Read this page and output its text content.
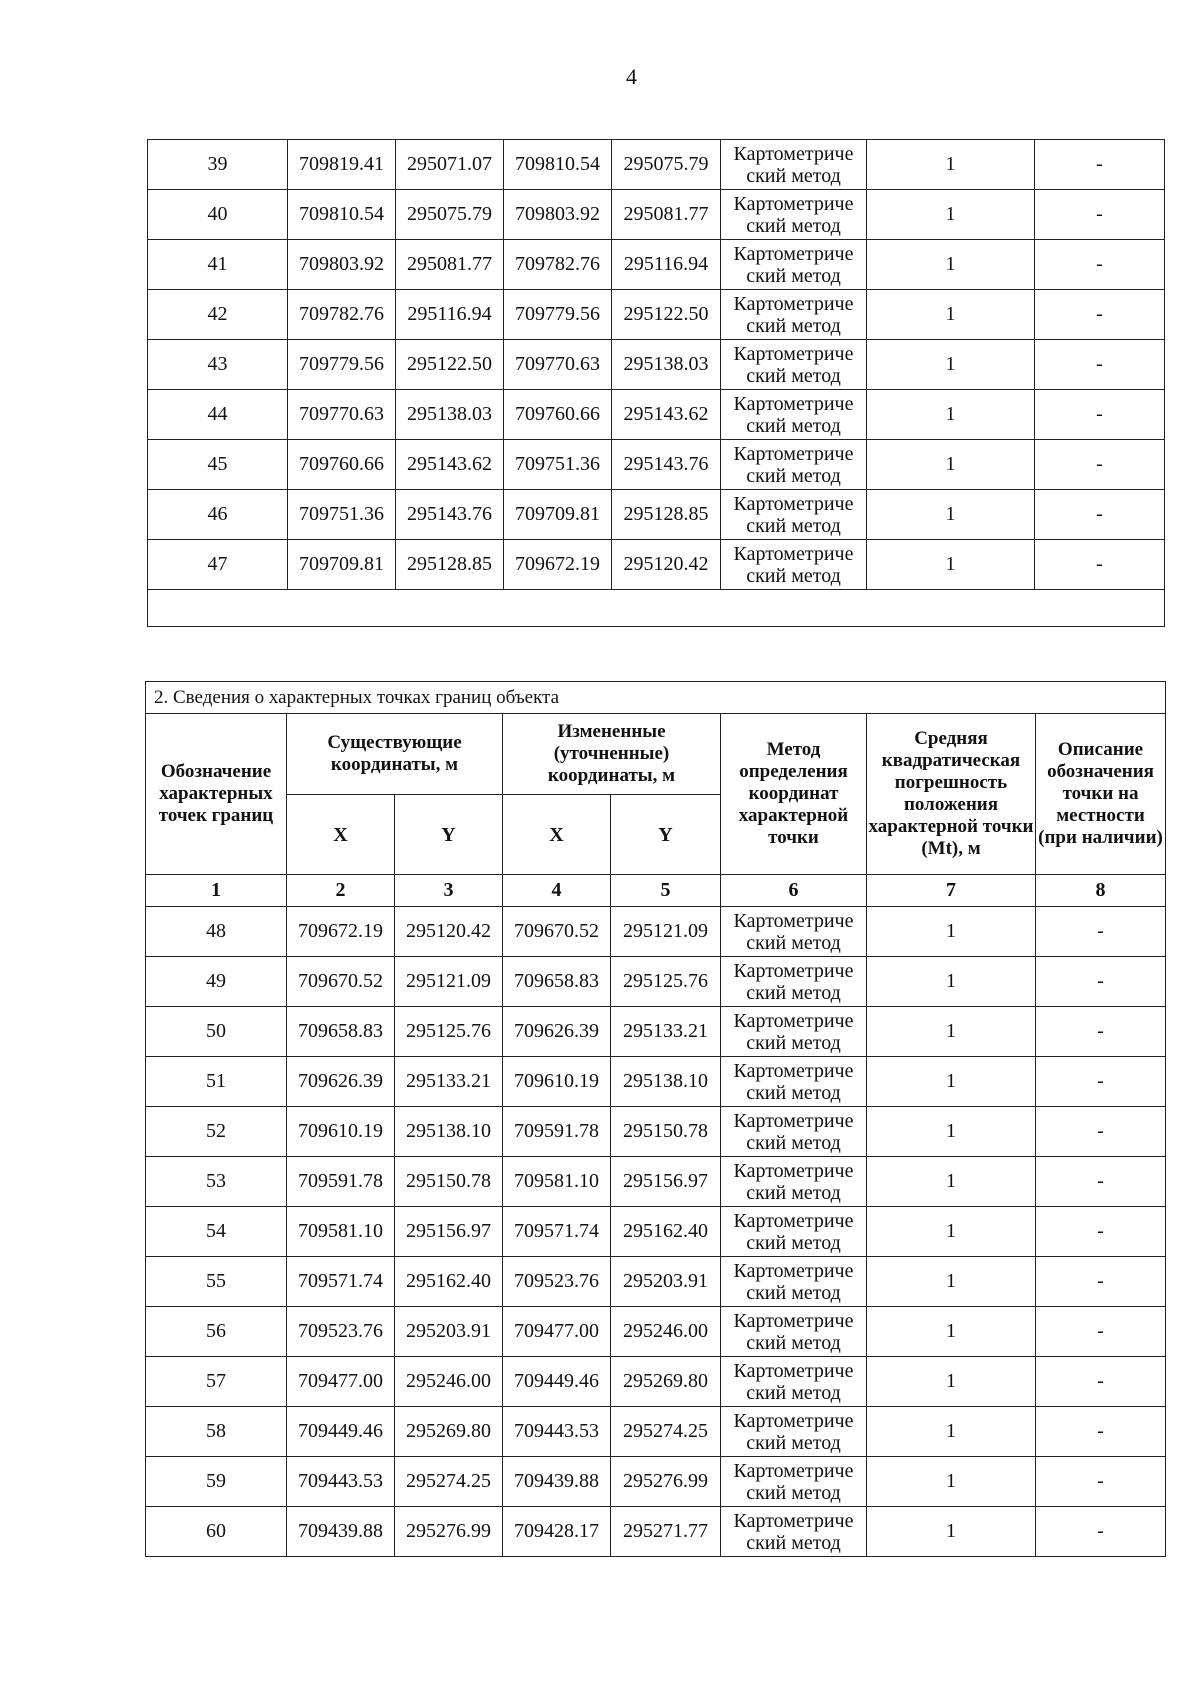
4
39	709819.41	295071.07	709810.54	295075.79	Картометриче ский метод	1	-
40	709810.54	295075.79	709803.92	295081.77	Картометриче ский метод	1	-
41	709803.92	295081.77	709782.76	295116.94	Картометриче ский метод	1	-
42	709782.76	295116.94	709779.56	295122.50	Картометриче ский метод	1	-
43	709779.56	295122.50	709770.63	295138.03	Картометриче ский метод	1	-
44	709770.63	295138.03	709760.66	295143.62	Картометриче ский метод	1	-
45	709760.66	295143.62	709751.36	295143.76	Картометриче ский метод	1	-
46	709751.36	295143.76	709709.81	295128.85	Картометриче ский метод	1	-
47	709709.81	295128.85	709672.19	295120.42	Картометриче ский метод	1	-

2. Сведения о характерных точках границ объекта							
Обозначение характерных точек границ	Существующие координаты, м		Измененные (уточненные) координаты, м		Метод определения координат характерной точки	Средняя квадратическая погрешность положения характерной точки (Mt), м	Описание обозначения точки на местности (при наличии)
	X	Y	X	Y			
1	2	3	4	5	6	7	8
48	709672.19	295120.42	709670.52	295121.09	Картометриче ский метод	1	-
49	709670.52	295121.09	709658.83	295125.76	Картометриче ский метод	1	-
50	709658.83	295125.76	709626.39	295133.21	Картометриче ский метод	1	-
51	709626.39	295133.21	709610.19	295138.10	Картометриче ский метод	1	-
52	709610.19	295138.10	709591.78	295150.78	Картометриче ский метод	1	-
53	709591.78	295150.78	709581.10	295156.97	Картометриче ский метод	1	-
54	709581.10	295156.97	709571.74	295162.40	Картометриче ский метод	1	-
55	709571.74	295162.40	709523.76	295203.91	Картометриче ский метод	1	-
56	709523.76	295203.91	709477.00	295246.00	Картометриче ский метод	1	-
57	709477.00	295246.00	709449.46	295269.80	Картометриче ский метод	1	-
58	709449.46	295269.80	709443.53	295274.25	Картометриче ский метод	1	-
59	709443.53	295274.25	709439.88	295276.99	Картометриче ский метод	1	-
60	709439.88	295276.99	709428.17	295271.77	Картометриче ский метод	1	-
